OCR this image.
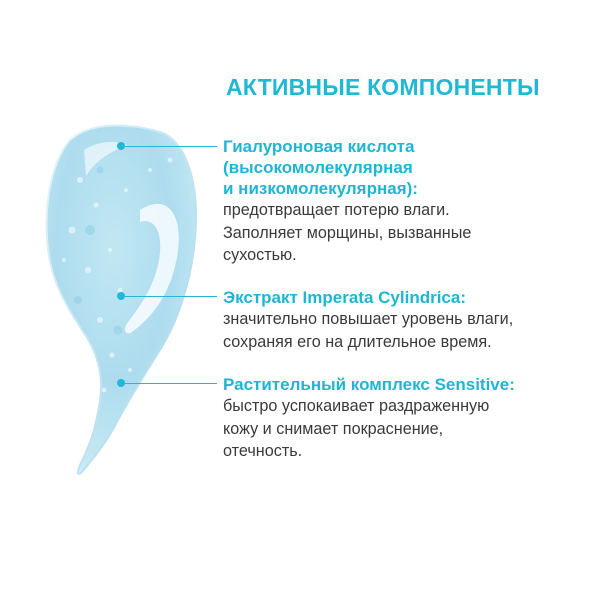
АКТИВНЫЕ КОМПОНЕНТЫ
Гиалуроновая кислота
(высокомолекулярная
и низкомолекулярная):
предотвращает потерю влаги.
Заполняет морщины, вызванные
сухостью.
Экстракт Imperata Cylindrica:
значительно повышает уровень влаги,
сохраняя его на длительное время.
Растительный комплекс Sensitive:
быстро успокаивает раздраженную
кожу и снимает покраснение,
отечность.
